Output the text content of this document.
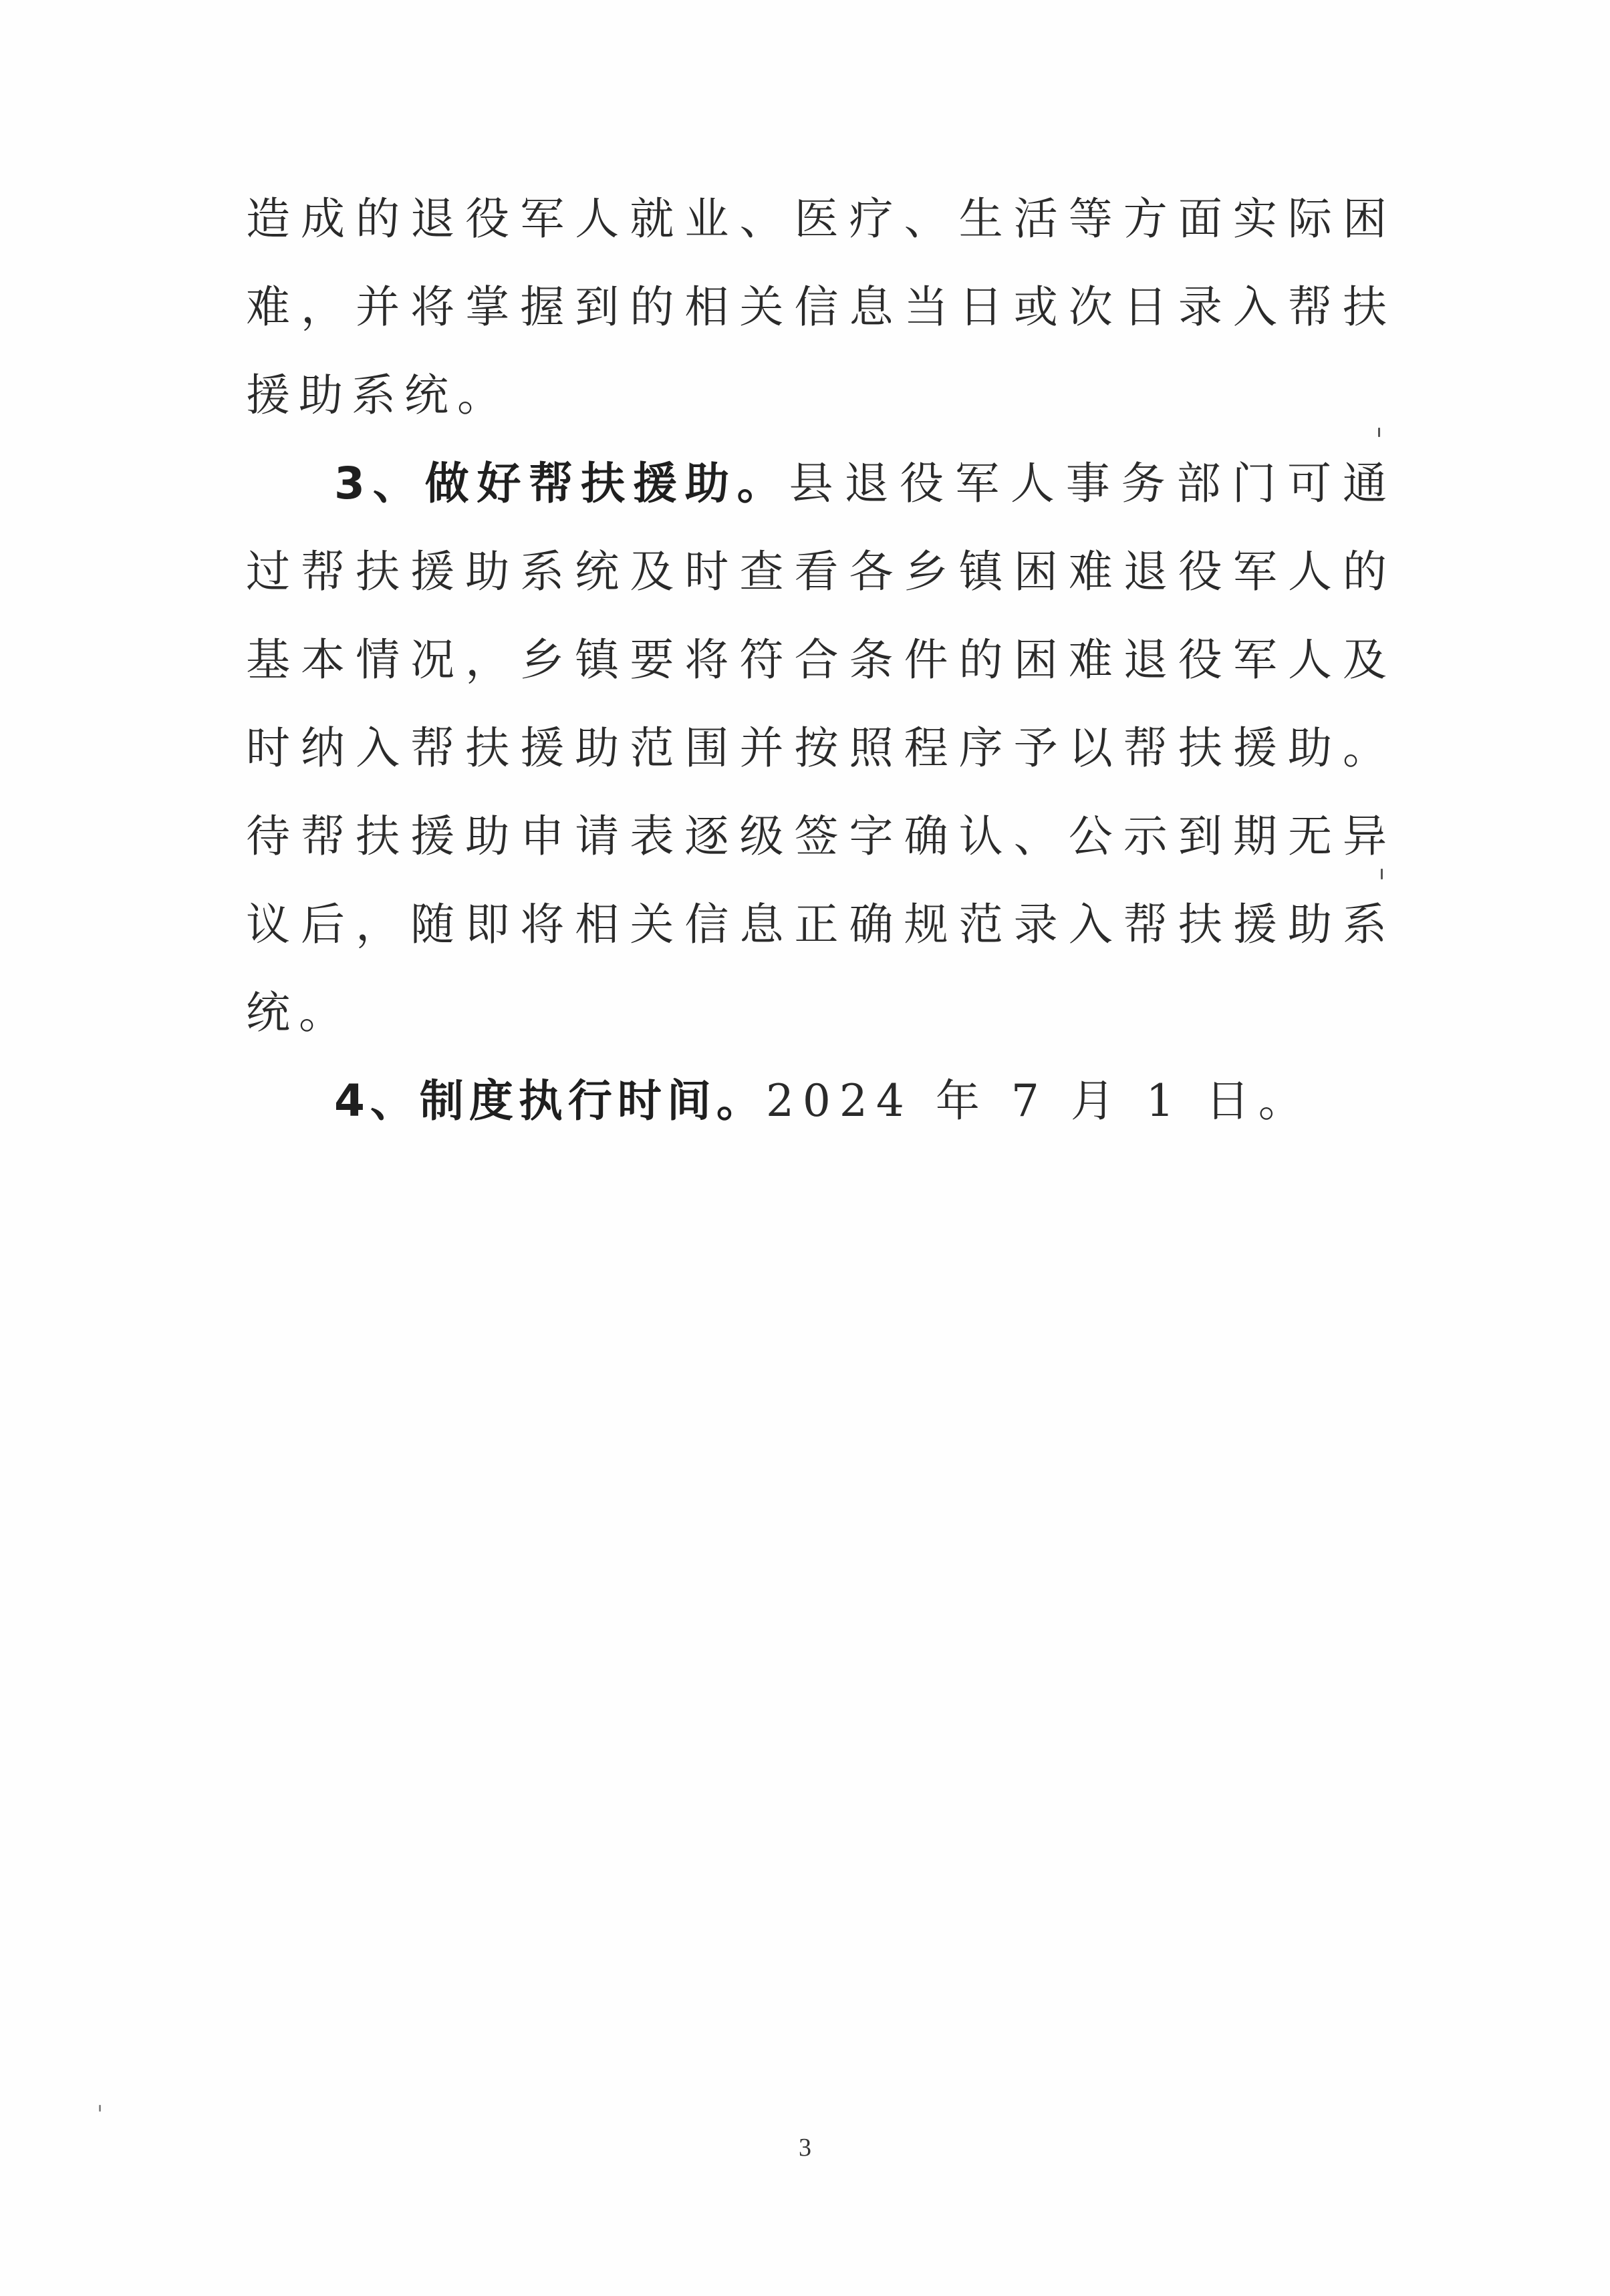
造成的退役军人就业、医疗、生活等方面实际困难，并将掌握到的相关信息当日或次日录入帮扶援助系统。

3、做好帮扶援助。县退役军人事务部门可通过帮扶援助系统及时查看各乡镇困难退役军人的基本情况，乡镇要将符合条件的困难退役军人及时纳入帮扶援助范围并按照程序予以帮扶援助。待帮扶援助申请表逐级签字确认、公示到期无异议后，随即将相关信息正确规范录入帮扶援助系统。

4、制度执行时间。2024 年 7 月 1 日。

3
